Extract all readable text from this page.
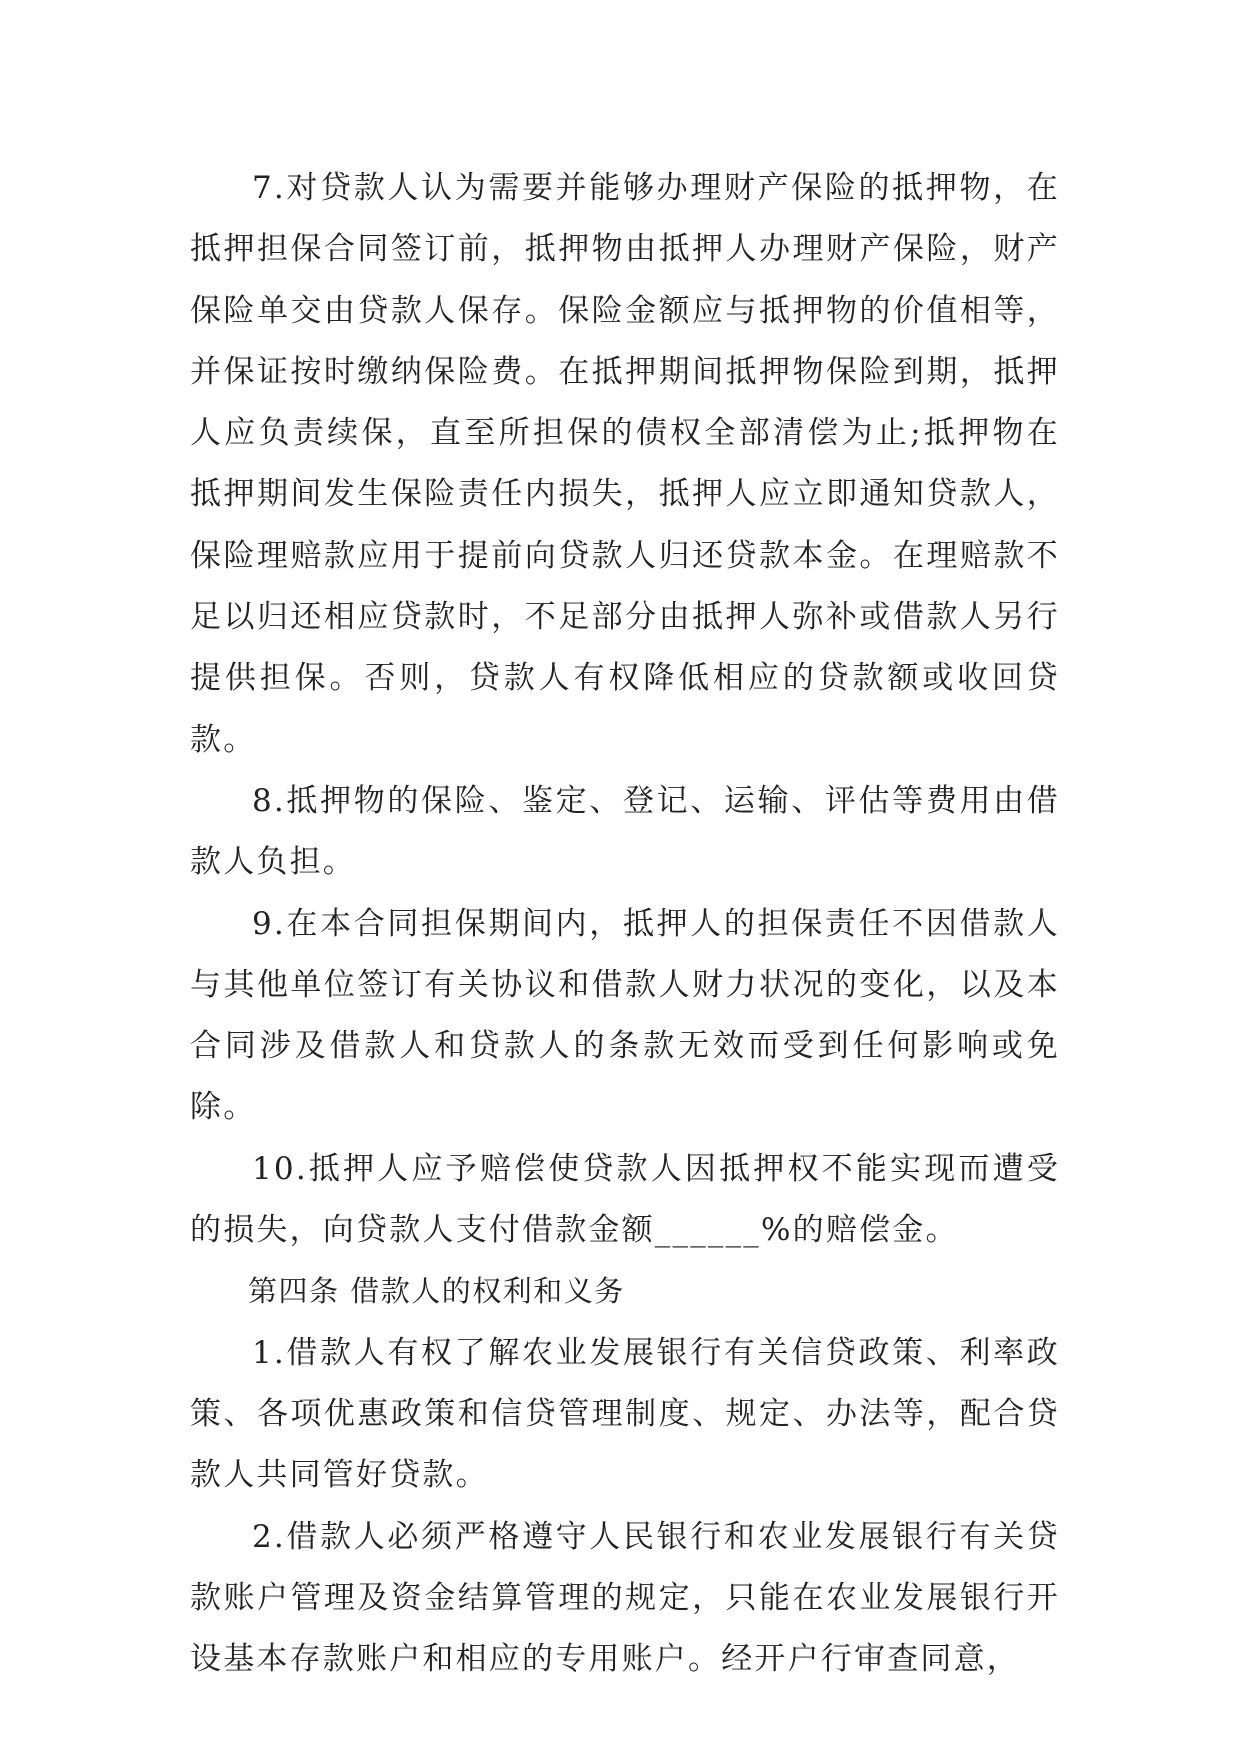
7.对贷款人认为需要并能够办理财产保险的抵押物，在抵押担保合同签订前，抵押物由抵押人办理财产保险，财产保险单交由贷款人保存。保险金额应与抵押物的价值相等，并保证按时缴纳保险费。在抵押期间抵押物保险到期，抵押人应负责续保，直至所担保的债权全部清偿为止;抵押物在抵押期间发生保险责任内损失，抵押人应立即通知贷款人，保险理赔款应用于提前向贷款人归还贷款本金。在理赔款不足以归还相应贷款时，不足部分由抵押人弥补或借款人另行提供担保。否则，贷款人有权降低相应的贷款额或收回贷款。

8.抵押物的保险、鉴定、登记、运输、评估等费用由借款人负担。

9.在本合同担保期间内，抵押人的担保责任不因借款人与其他单位签订有关协议和借款人财力状况的变化，以及本合同涉及借款人和贷款人的条款无效而受到任何影响或免除。

10.抵押人应予赔偿使贷款人因抵押权不能实现而遭受的损失，向贷款人支付借款金额______%的赔偿金。

第四条 借款人的权利和义务

1.借款人有权了解农业发展银行有关信贷政策、利率政策、各项优惠政策和信贷管理制度、规定、办法等，配合贷款人共同管好贷款。

2.借款人必须严格遵守人民银行和农业发展银行有关贷款账户管理及资金结算管理的规定，只能在农业发展银行开设基本存款账户和相应的专用账户。经开户行审查同意，
